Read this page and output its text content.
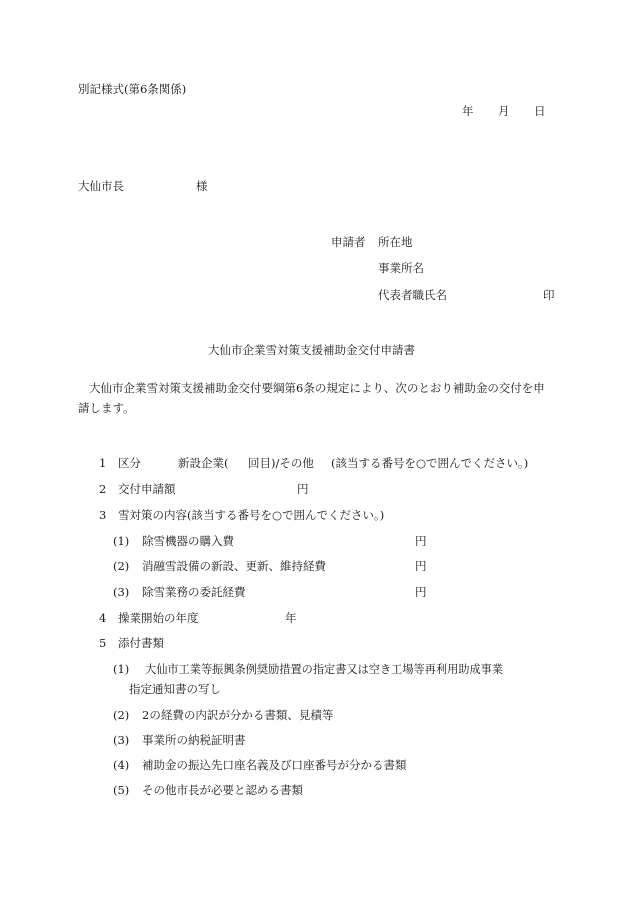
別記様式(第6条関係)
年 月 日
大仙市長	様
申請者 所在地
事業所名
代表者職氏名	印
大仙市企業雪対策支援補助金交付申請書
大仙市企業雪対策支援補助金交付要綱第6条の規定により、次のとおり補助金の交付を申
請します。
1 区分	新設企業( 回目)/その他 (該当する番号を○で囲んでください。)
2 交付申請額	円
3 雪対策の内容(該当する番号を○で囲んでください。)
(1) 除雪機器の購入費	円
(2) 消融雪設備の新設、更新、維持経費	円
(3) 除雪業務の委託経費	円
4 操業開始の年度	年
5 添付書類
(1) 大仙市工業等振興条例奨励措置の指定書又は空き工場等再利用助成事業
指定通知書の写し
(2) 2の経費の内訳が分かる書類、見積等
(3) 事業所の納税証明書
(4) 補助金の振込先口座名義及び口座番号が分かる書類
(5) その他市長が必要と認める書類
